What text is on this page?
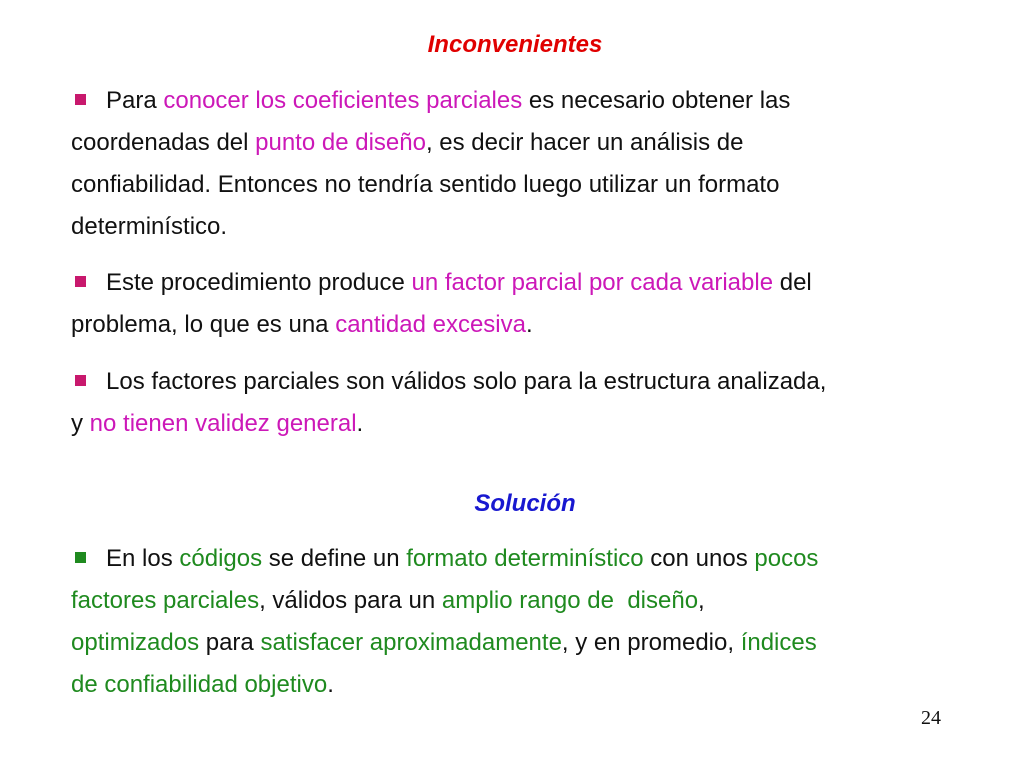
Inconvenientes
Para conocer los coeficientes parciales es necesario obtener las
coordenadas del punto de diseño, es decir hacer un análisis de
confiabilidad. Entonces no tendría sentido luego utilizar un formato
determinístico.
Este procedimiento produce un factor parcial por cada variable del
problema, lo que es una cantidad excesiva.
Los factores parciales son válidos solo para la estructura analizada,
y no tienen validez general.
Solución
En los códigos se define un formato determinístico con unos pocos
factores parciales, válidos para un amplio rango de  diseño,
optimizados para satisfacer aproximadamente, y en promedio, índices
de confiabilidad objetivo.
24
